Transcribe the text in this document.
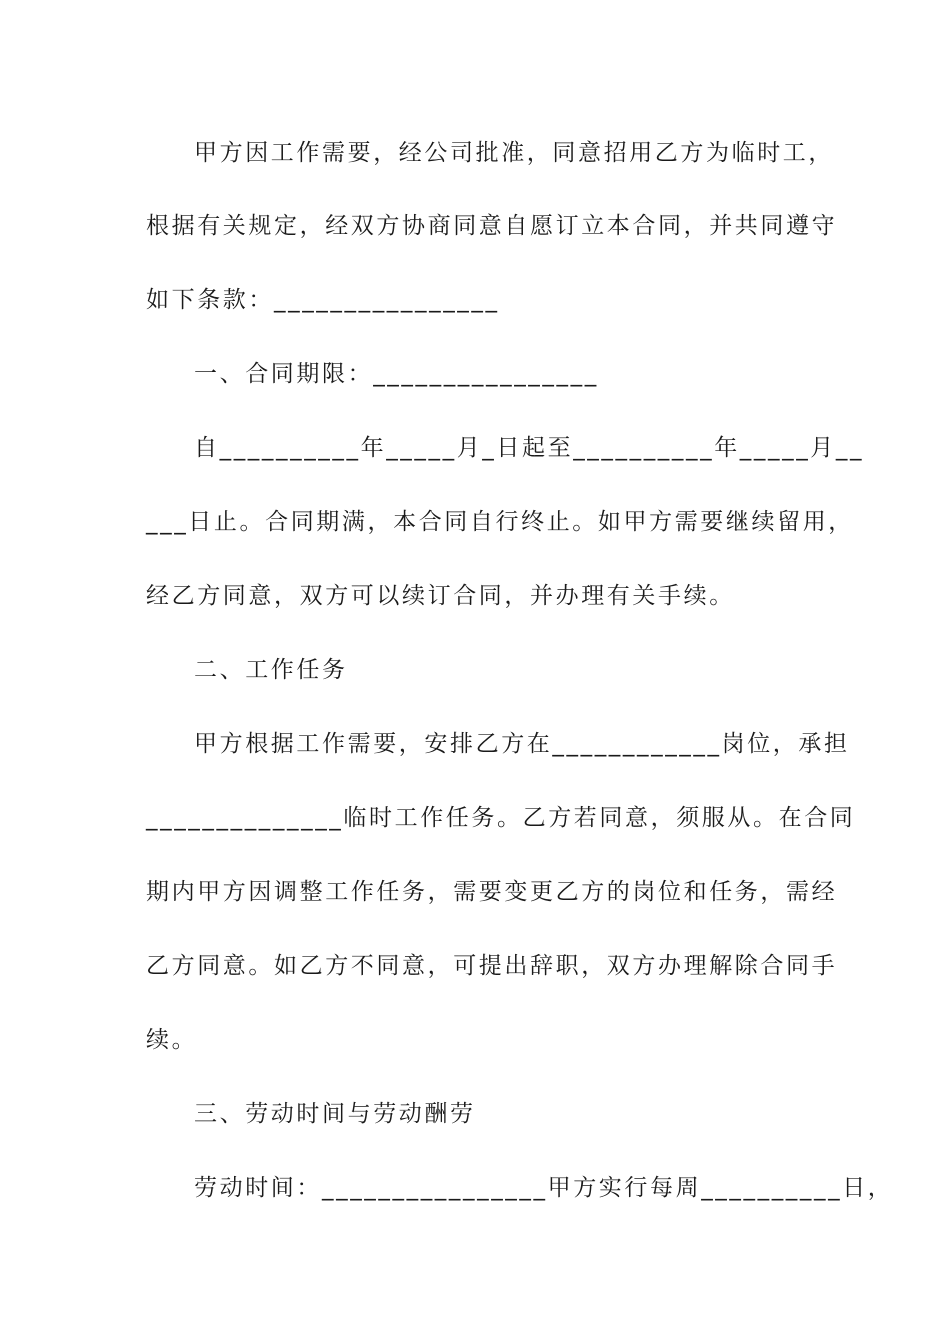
甲方因工作需要，经公司批准，同意招用乙方为临时工，
根据有关规定，经双方协商同意自愿订立本合同，并共同遵守
如下条款：________________
一、合同期限：________________
自__________年_____月_日起至__________年_____月__
___日止。合同期满，本合同自行终止。如甲方需要继续留用，
经乙方同意，双方可以续订合同，并办理有关手续。
二、工作任务
甲方根据工作需要，安排乙方在____________岗位，承担
______________临时工作任务。乙方若同意，须服从。在合同
期内甲方因调整工作任务，需要变更乙方的岗位和任务，需经
乙方同意。如乙方不同意，可提出辞职，双方办理解除合同手
续。
三、劳动时间与劳动酬劳
劳动时间：________________甲方实行每周__________日，
